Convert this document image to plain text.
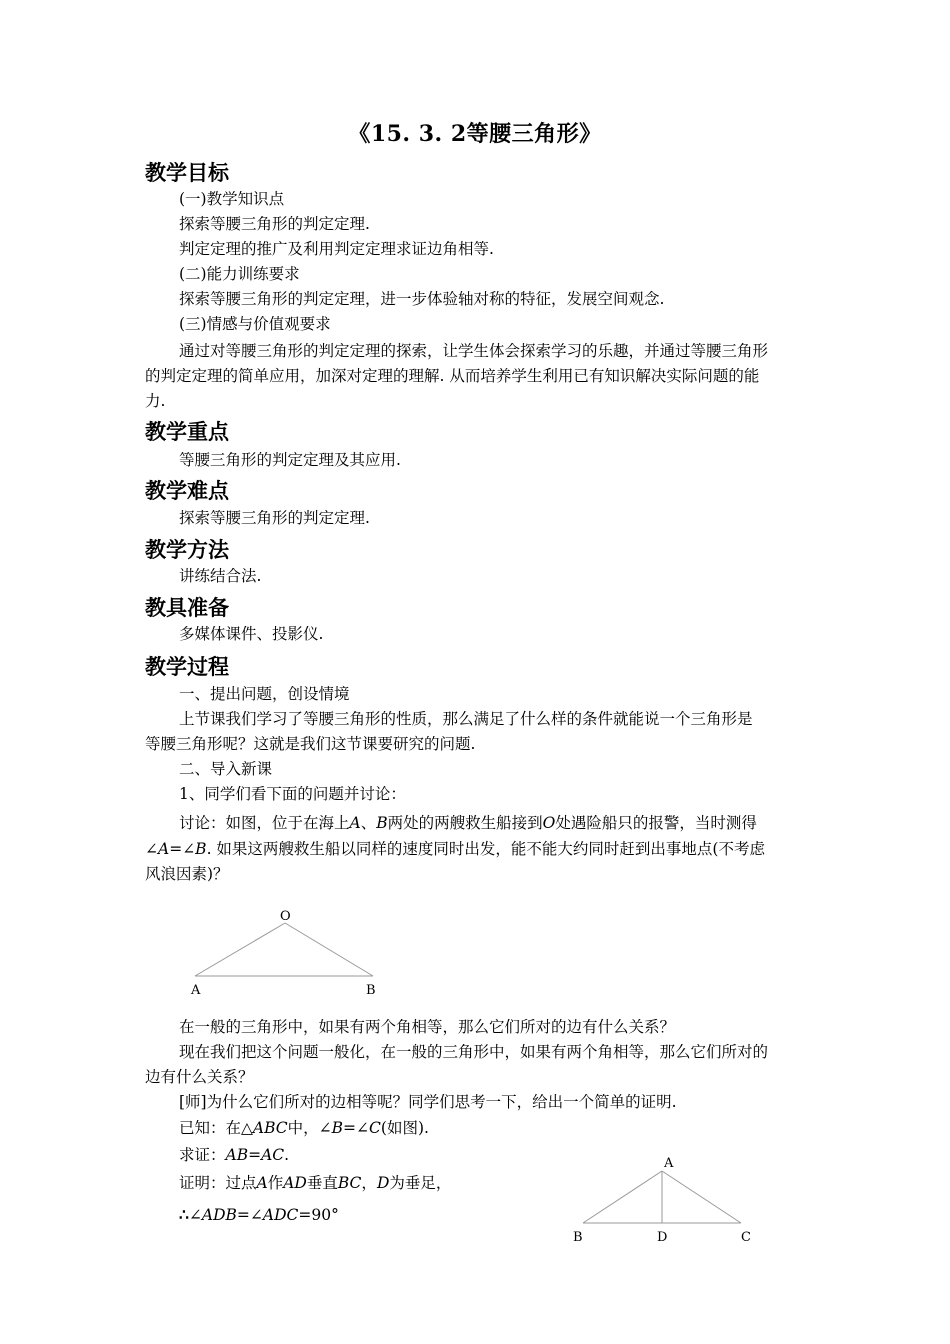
《15. 3. 2等腰三角形》
教学目标
(一)教学知识点
探索等腰三角形的判定定理.
判定定理的推广及利用判定定理求证边角相等.
(二)能力训练要求
探索等腰三角形的判定定理，进一步体验轴对称的特征，发展空间观念.
(三)情感与价值观要求
通过对等腰三角形的判定定理的探索，让学生体会探索学习的乐趣，并通过等腰三角形
的判定定理的简单应用，加深对定理的理解. 从而培养学生利用已有知识解决实际问题的能
力.
教学重点
等腰三角形的判定定理及其应用.
教学难点
探索等腰三角形的判定定理.
教学方法
讲练结合法.
教具准备
多媒体课件、投影仪.
教学过程
一、提出问题，创设情境
上节课我们学习了等腰三角形的性质，那么满足了什么样的条件就能说一个三角形是
等腰三角形呢？这就是我们这节课要研究的问题.
二、导入新课
1、同学们看下面的问题并讨论：
讨论：如图，位于在海上A、B两处的两艘救生船接到O处遇险船只的报警，当时测得
∠A=∠B. 如果这两艘救生船以同样的速度同时出发，能不能大约同时赶到出事地点(不考虑
风浪因素)？
O
A	B
在一般的三角形中，如果有两个角相等，那么它们所对的边有什么关系？
现在我们把这个问题一般化，在一般的三角形中，如果有两个角相等，那么它们所对的
边有什么关系？
[师]为什么它们所对的边相等呢？同学们思考一下，给出一个简单的证明.
已知：在△ABC中，∠B=∠C(如图).
求证：AB=AC.
证明：过点A作AD垂直BC，D为垂足，
∴∠ADB=∠ADC=90°
A
B	D	C
